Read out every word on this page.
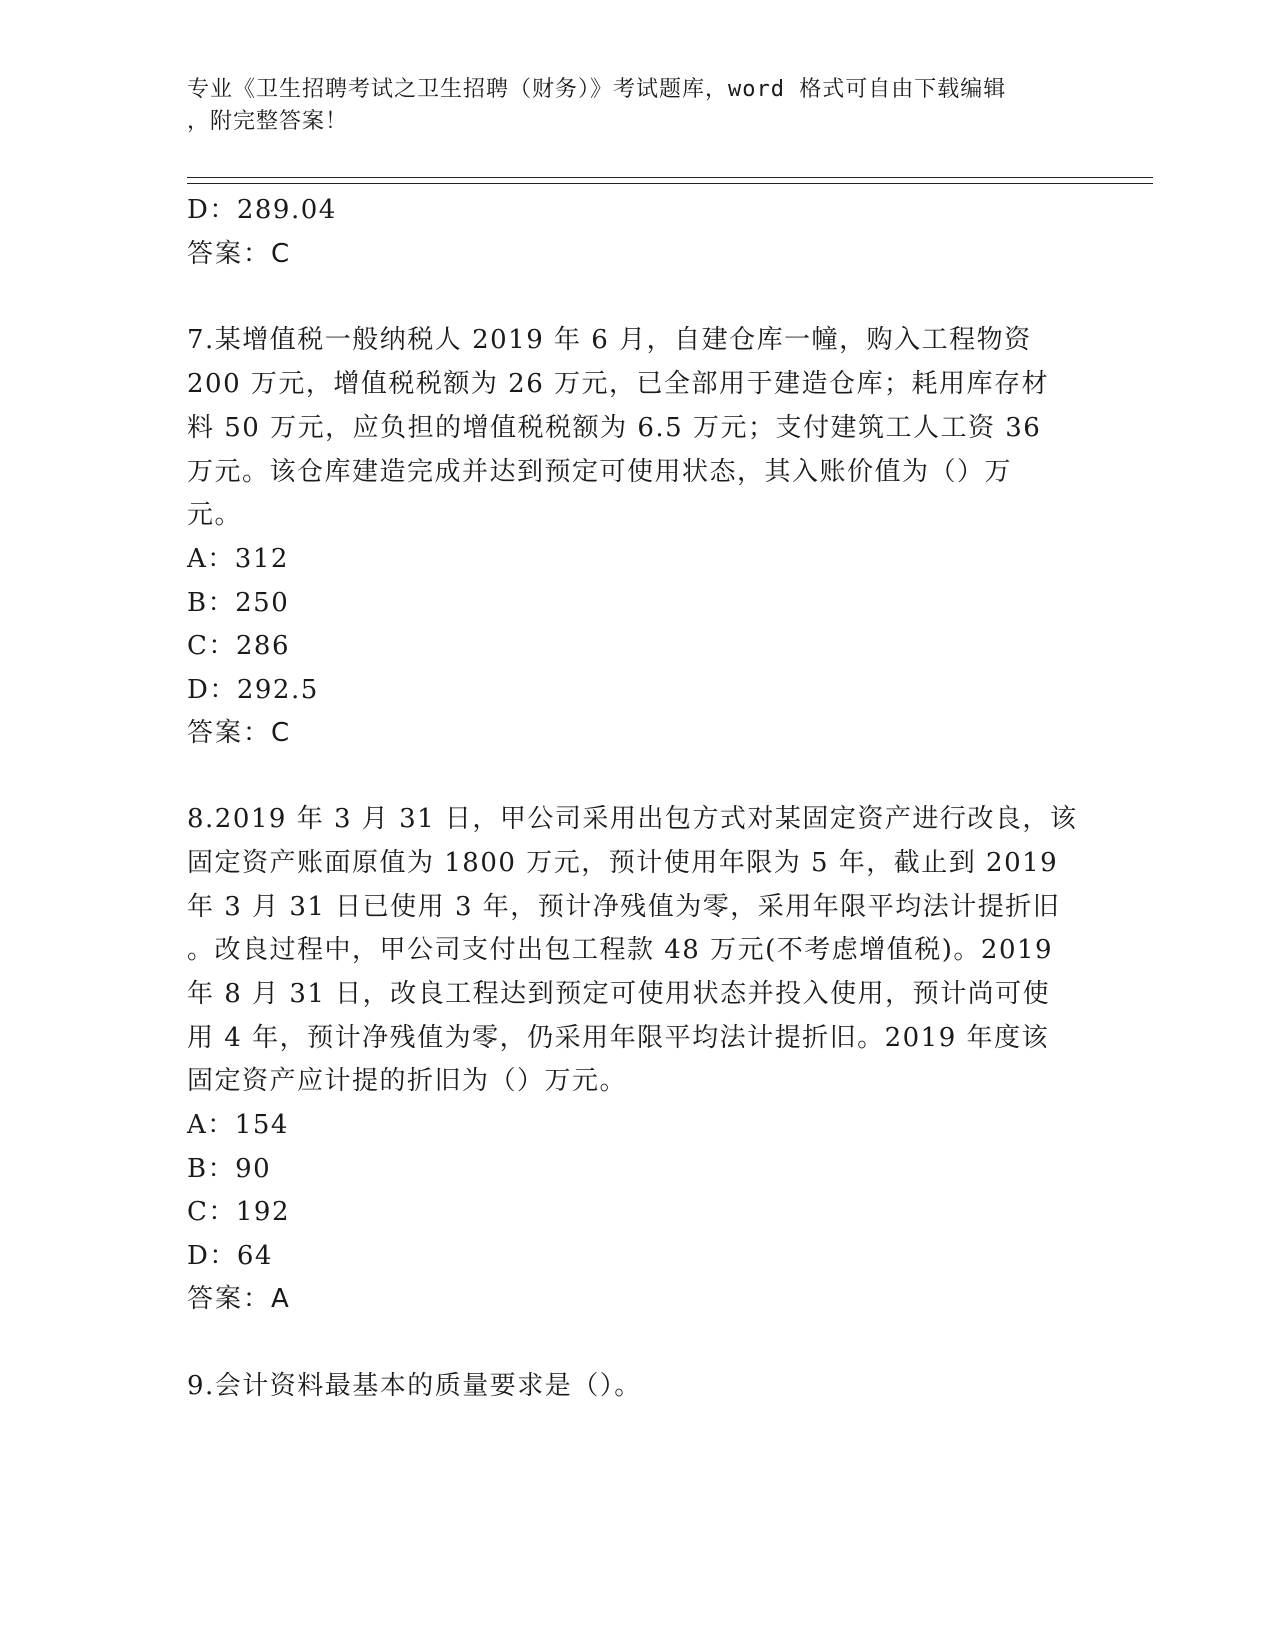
专业《卫生招聘考试之卫生招聘（财务）》考试题库，word 格式可自由下载编辑
，附完整答案！
D：289.04
答案：C
7.某增值税一般纳税人 2019 年 6 月，自建仓库一幢，购入工程物资
200 万元，增值税税额为 26 万元，已全部用于建造仓库；耗用库存材
料 50 万元，应负担的增值税税额为 6.5 万元；支付建筑工人工资 36
万元。该仓库建造完成并达到预定可使用状态，其入账价值为（）万
元。
A：312
B：250
C：286
D：292.5
答案：C
8.2019 年 3 月 31 日，甲公司采用出包方式对某固定资产进行改良，该
固定资产账面原值为 1800 万元，预计使用年限为 5 年，截止到 2019
年 3 月 31 日已使用 3 年，预计净残值为零，采用年限平均法计提折旧
。改良过程中，甲公司支付出包工程款 48 万元(不考虑增值税)。2019
年 8 月 31 日，改良工程达到预定可使用状态并投入使用，预计尚可使
用 4 年，预计净残值为零，仍采用年限平均法计提折旧。2019 年度该
固定资产应计提的折旧为（）万元。
A：154
B：90
C：192
D：64
答案：A
9.会计资料最基本的质量要求是（）。
